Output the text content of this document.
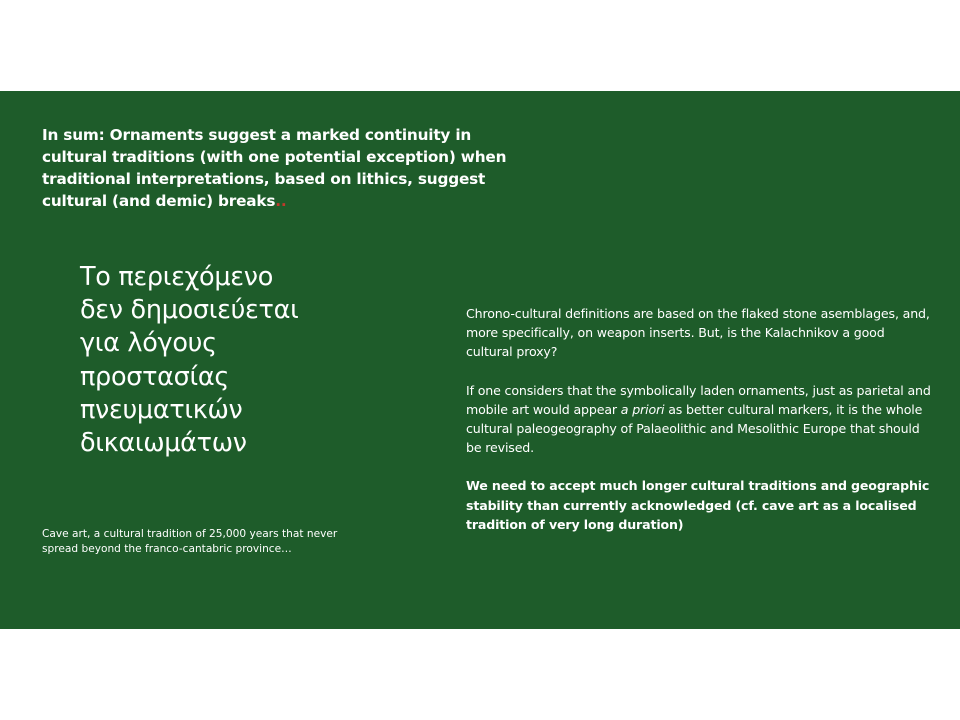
In sum: Ornaments suggest a marked continuity in cultural traditions (with one potential exception) when traditional interpretations, based on lithics, suggest cultural (and demic) breaks..
Το περιεχόμενο
δεν δημοσιεύεται
για λόγους
προστασίας
πνευματικών
δικαιωμάτων
Cave art, a cultural tradition of 25,000 years that never spread beyond the franco-cantabric province…

Chrono-cultural definitions are based on the flaked stone asemblages, and, more specifically, on weapon inserts. But, is the Kalachnikov a good cultural proxy?

If one considers that the symbolically laden ornaments, just as parietal and mobile art would appear a priori as better cultural markers, it is the whole cultural paleogeography of Palaeolithic and Mesolithic Europe that should be revised.

We need to accept much longer cultural traditions and geographic stability than currently acknowledged (cf. cave art as a localised tradition of very long duration)
